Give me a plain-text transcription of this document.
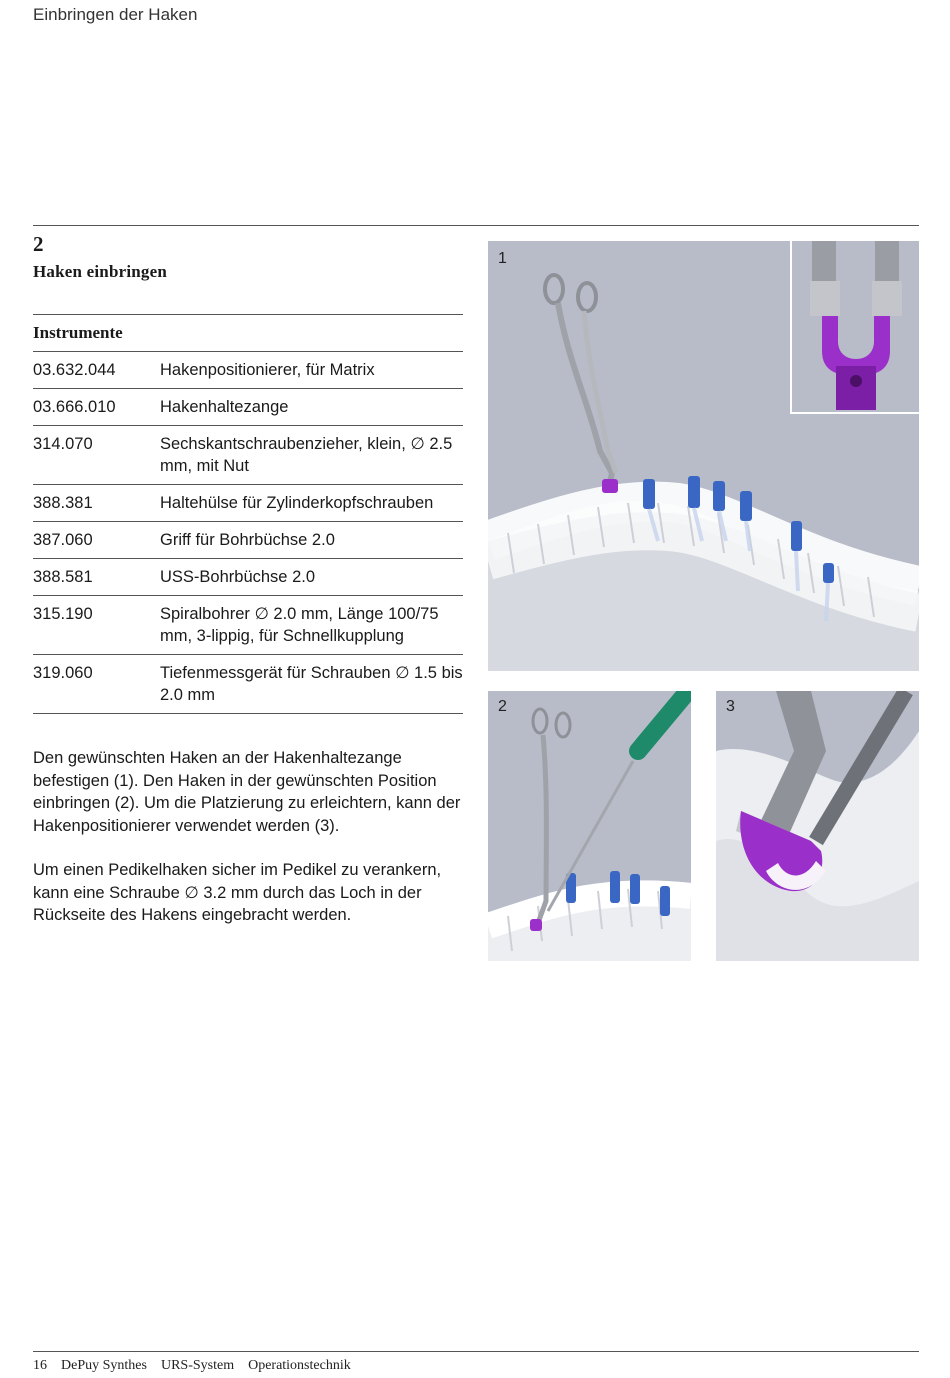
Einbringen der Haken
2
Haken einbringen
Instrumente
03.632.044	Hakenpositionierer, für Matrix
03.666.010	Hakenhaltezange
314.070	Sechskantschraubenzieher, klein, ∅ 2.5 mm, mit Nut
388.381	Haltehülse für Zylinderkopfschrauben
387.060	Griff für Bohrbüchse 2.0
388.581	USS-Bohrbüchse 2.0
315.190	Spiralbohrer ∅ 2.0 mm, Länge 100/75 mm, 3-lippig, für Schnellkupplung
319.060	Tiefenmessgerät für Schrauben ∅ 1.5 bis 2.0 mm

Den gewünschten Haken an der Hakenhaltezange befestigen (1). Den Haken in der gewünschten Position einbringen (2). Um die Platzierung zu erleichtern, kann der Hakenpositionierer verwendet werden (3).

Um einen Pedikelhaken sicher im Pedikel zu verankern, kann eine Schraube ∅ 3.2 mm durch das Loch in der Rückseite des Hakens eingebracht werden.

1
2	3
16 DePuy Synthes URS-System Operationstechnik
